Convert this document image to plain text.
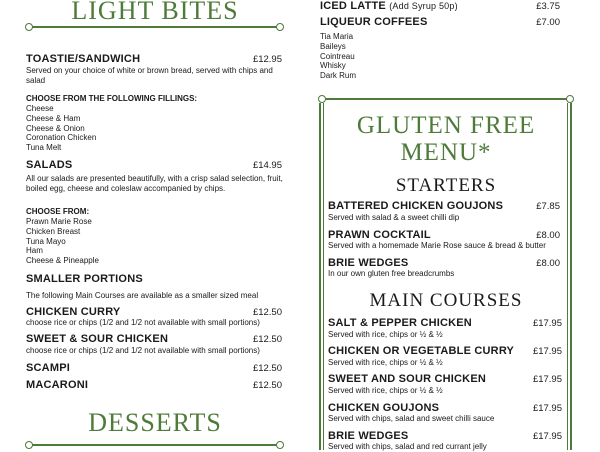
LIGHT BITES
TOASTIE/SANDWICH	£12.95
Served on your choice of white or brown bread, served with chips and salad
CHOOSE FROM THE FOLLOWING FILLINGS:
Cheese
Cheese & Ham
Cheese & Onion
Coronation Chicken
Tuna Melt
SALADS	£14.95
All our salads are presented beautifully, with a crisp salad selection, fruit, boiled egg, cheese and coleslaw accompanied by chips.
CHOOSE FROM:
Prawn Marie Rose
Chicken Breast
Tuna Mayo
Ham
Cheese & Pineapple
SMALLER PORTIONS
The following Main Courses are available as a smaller sized meal
CHICKEN CURRY	£12.50
choose rice or chips (1/2 and 1/2 not available with small portions)
SWEET & SOUR CHICKEN	£12.50
choose rice or chips (1/2 and 1/2 not available with small portions)
SCAMPI	£12.50
MACARONI	£12.50
DESSERTS
ICED LATTE (Add Syrup 50p)	£3.75
LIQUEUR COFFEES	£7.00
Tia Maria
Baileys
Cointreau
Whisky
Dark Rum
GLUTEN FREE
MENU*
STARTERS
BATTERED CHICKEN GOUJONS	£7.85
Served with salad & a sweet chilli dip
PRAWN COCKTAIL	£8.00
Served with a homemade Marie Rose sauce & bread & butter
BRIE WEDGES	£8.00
In our own gluten free breadcrumbs
MAIN COURSES
SALT & PEPPER CHICKEN	£17.95
Served with rice, chips or ½ & ½
CHICKEN OR VEGETABLE CURRY	£17.95
Served with rice, chips or ½ & ½
SWEET AND SOUR CHICKEN	£17.95
Served with rice, chips or ½ & ½
CHICKEN GOUJONS	£17.95
Served with chips, salad and sweet chilli sauce
BRIE WEDGES	£17.95
Served with chips, salad and red currant jelly
